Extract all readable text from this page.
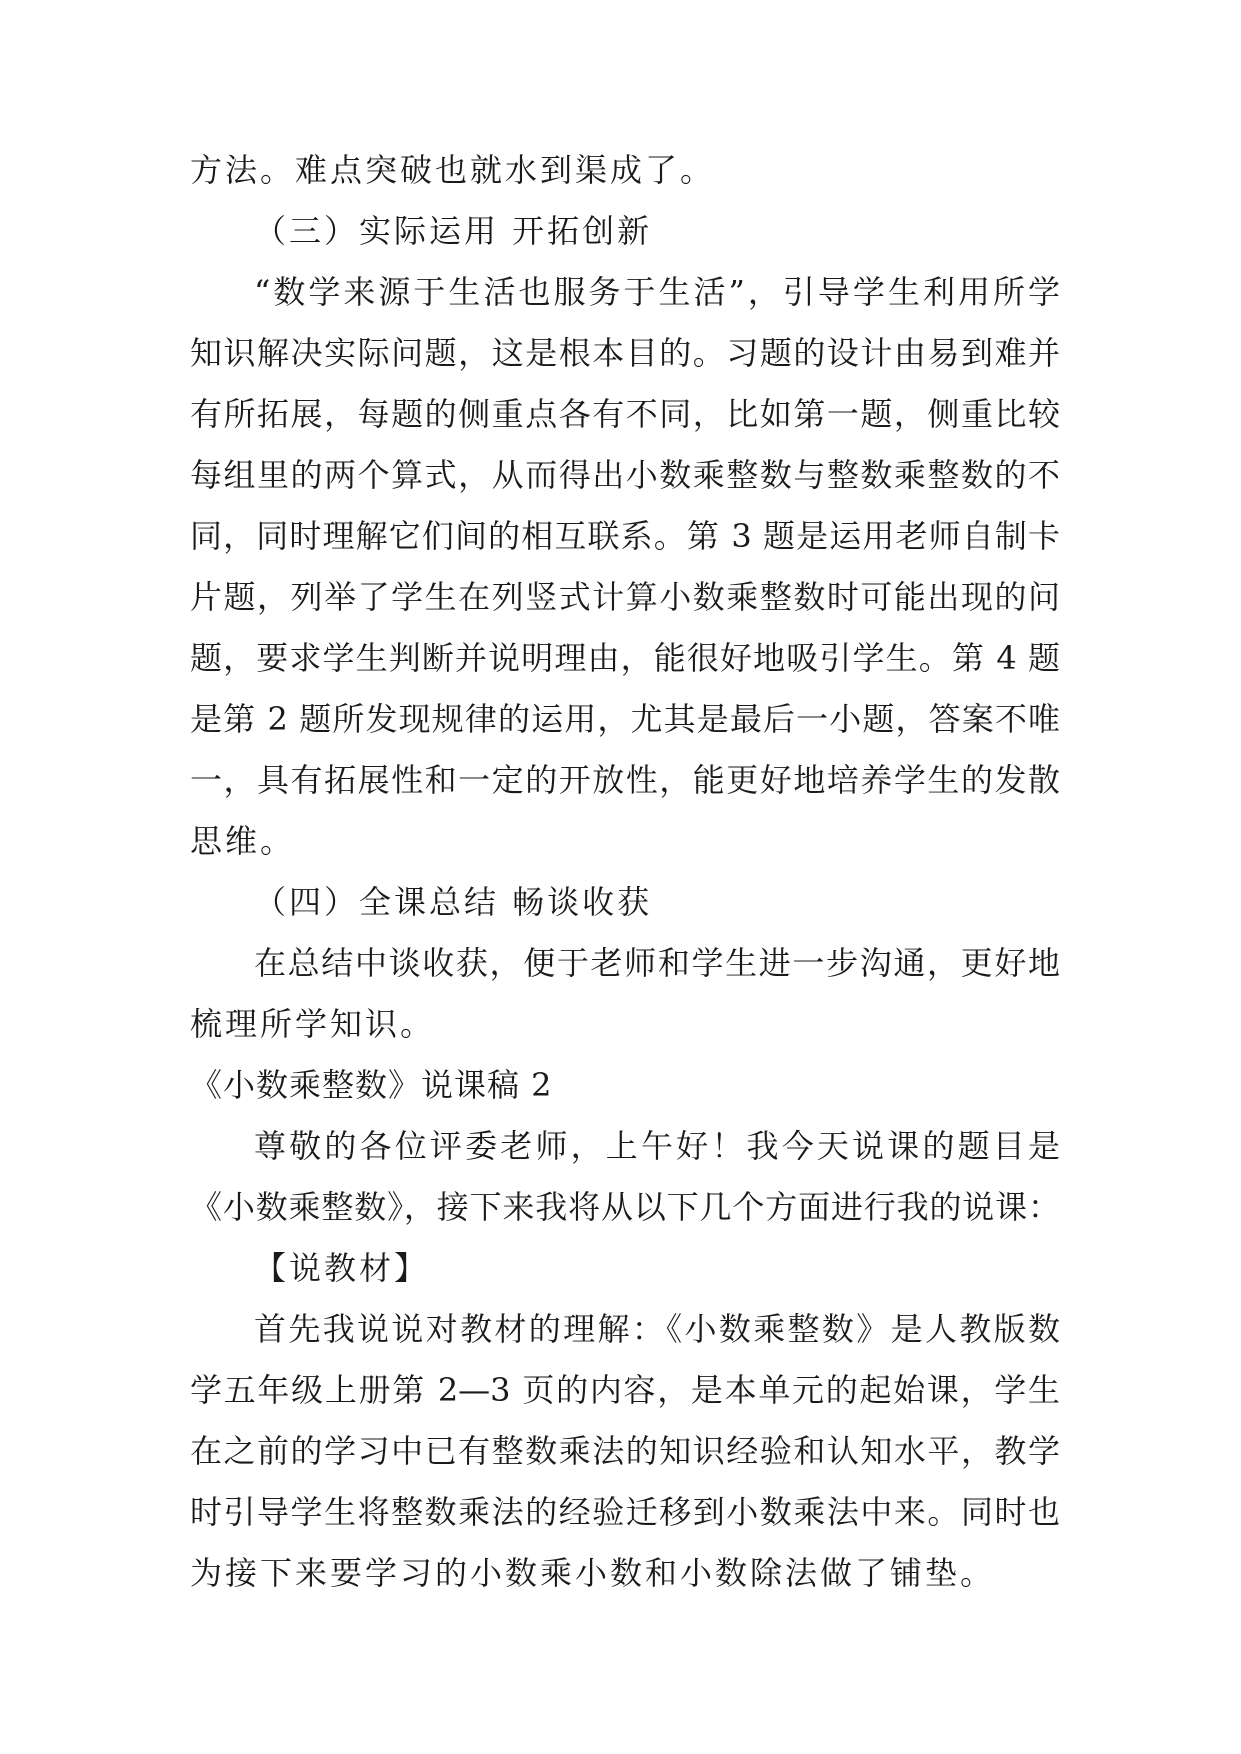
方法。难点突破也就水到渠成了。
（三）实际运用 开拓创新
“数学来源于生活也服务于生活”，引导学生利用所学
知识解决实际问题，这是根本目的。习题的设计由易到难并
有所拓展，每题的侧重点各有不同，比如第一题，侧重比较
每组里的两个算式，从而得出小数乘整数与整数乘整数的不
同，同时理解它们间的相互联系。第 3 题是运用老师自制卡
片题，列举了学生在列竖式计算小数乘整数时可能出现的问
题，要求学生判断并说明理由，能很好地吸引学生。第 4 题
是第 2 题所发现规律的运用，尤其是最后一小题，答案不唯
一，具有拓展性和一定的开放性，能更好地培养学生的发散
思维。
（四）全课总结 畅谈收获
在总结中谈收获，便于老师和学生进一步沟通，更好地
梳理所学知识。
《小数乘整数》说课稿 2
尊敬的各位评委老师，上午好！我今天说课的题目是
《小数乘整数》，接下来我将从以下几个方面进行我的说课：
【说教材】
首先我说说对教材的理解：《小数乘整数》是人教版数
学五年级上册第 2—3 页的内容，是本单元的起始课，学生
在之前的学习中已有整数乘法的知识经验和认知水平，教学
时引导学生将整数乘法的经验迁移到小数乘法中来。同时也
为接下来要学习的小数乘小数和小数除法做了铺垫。
